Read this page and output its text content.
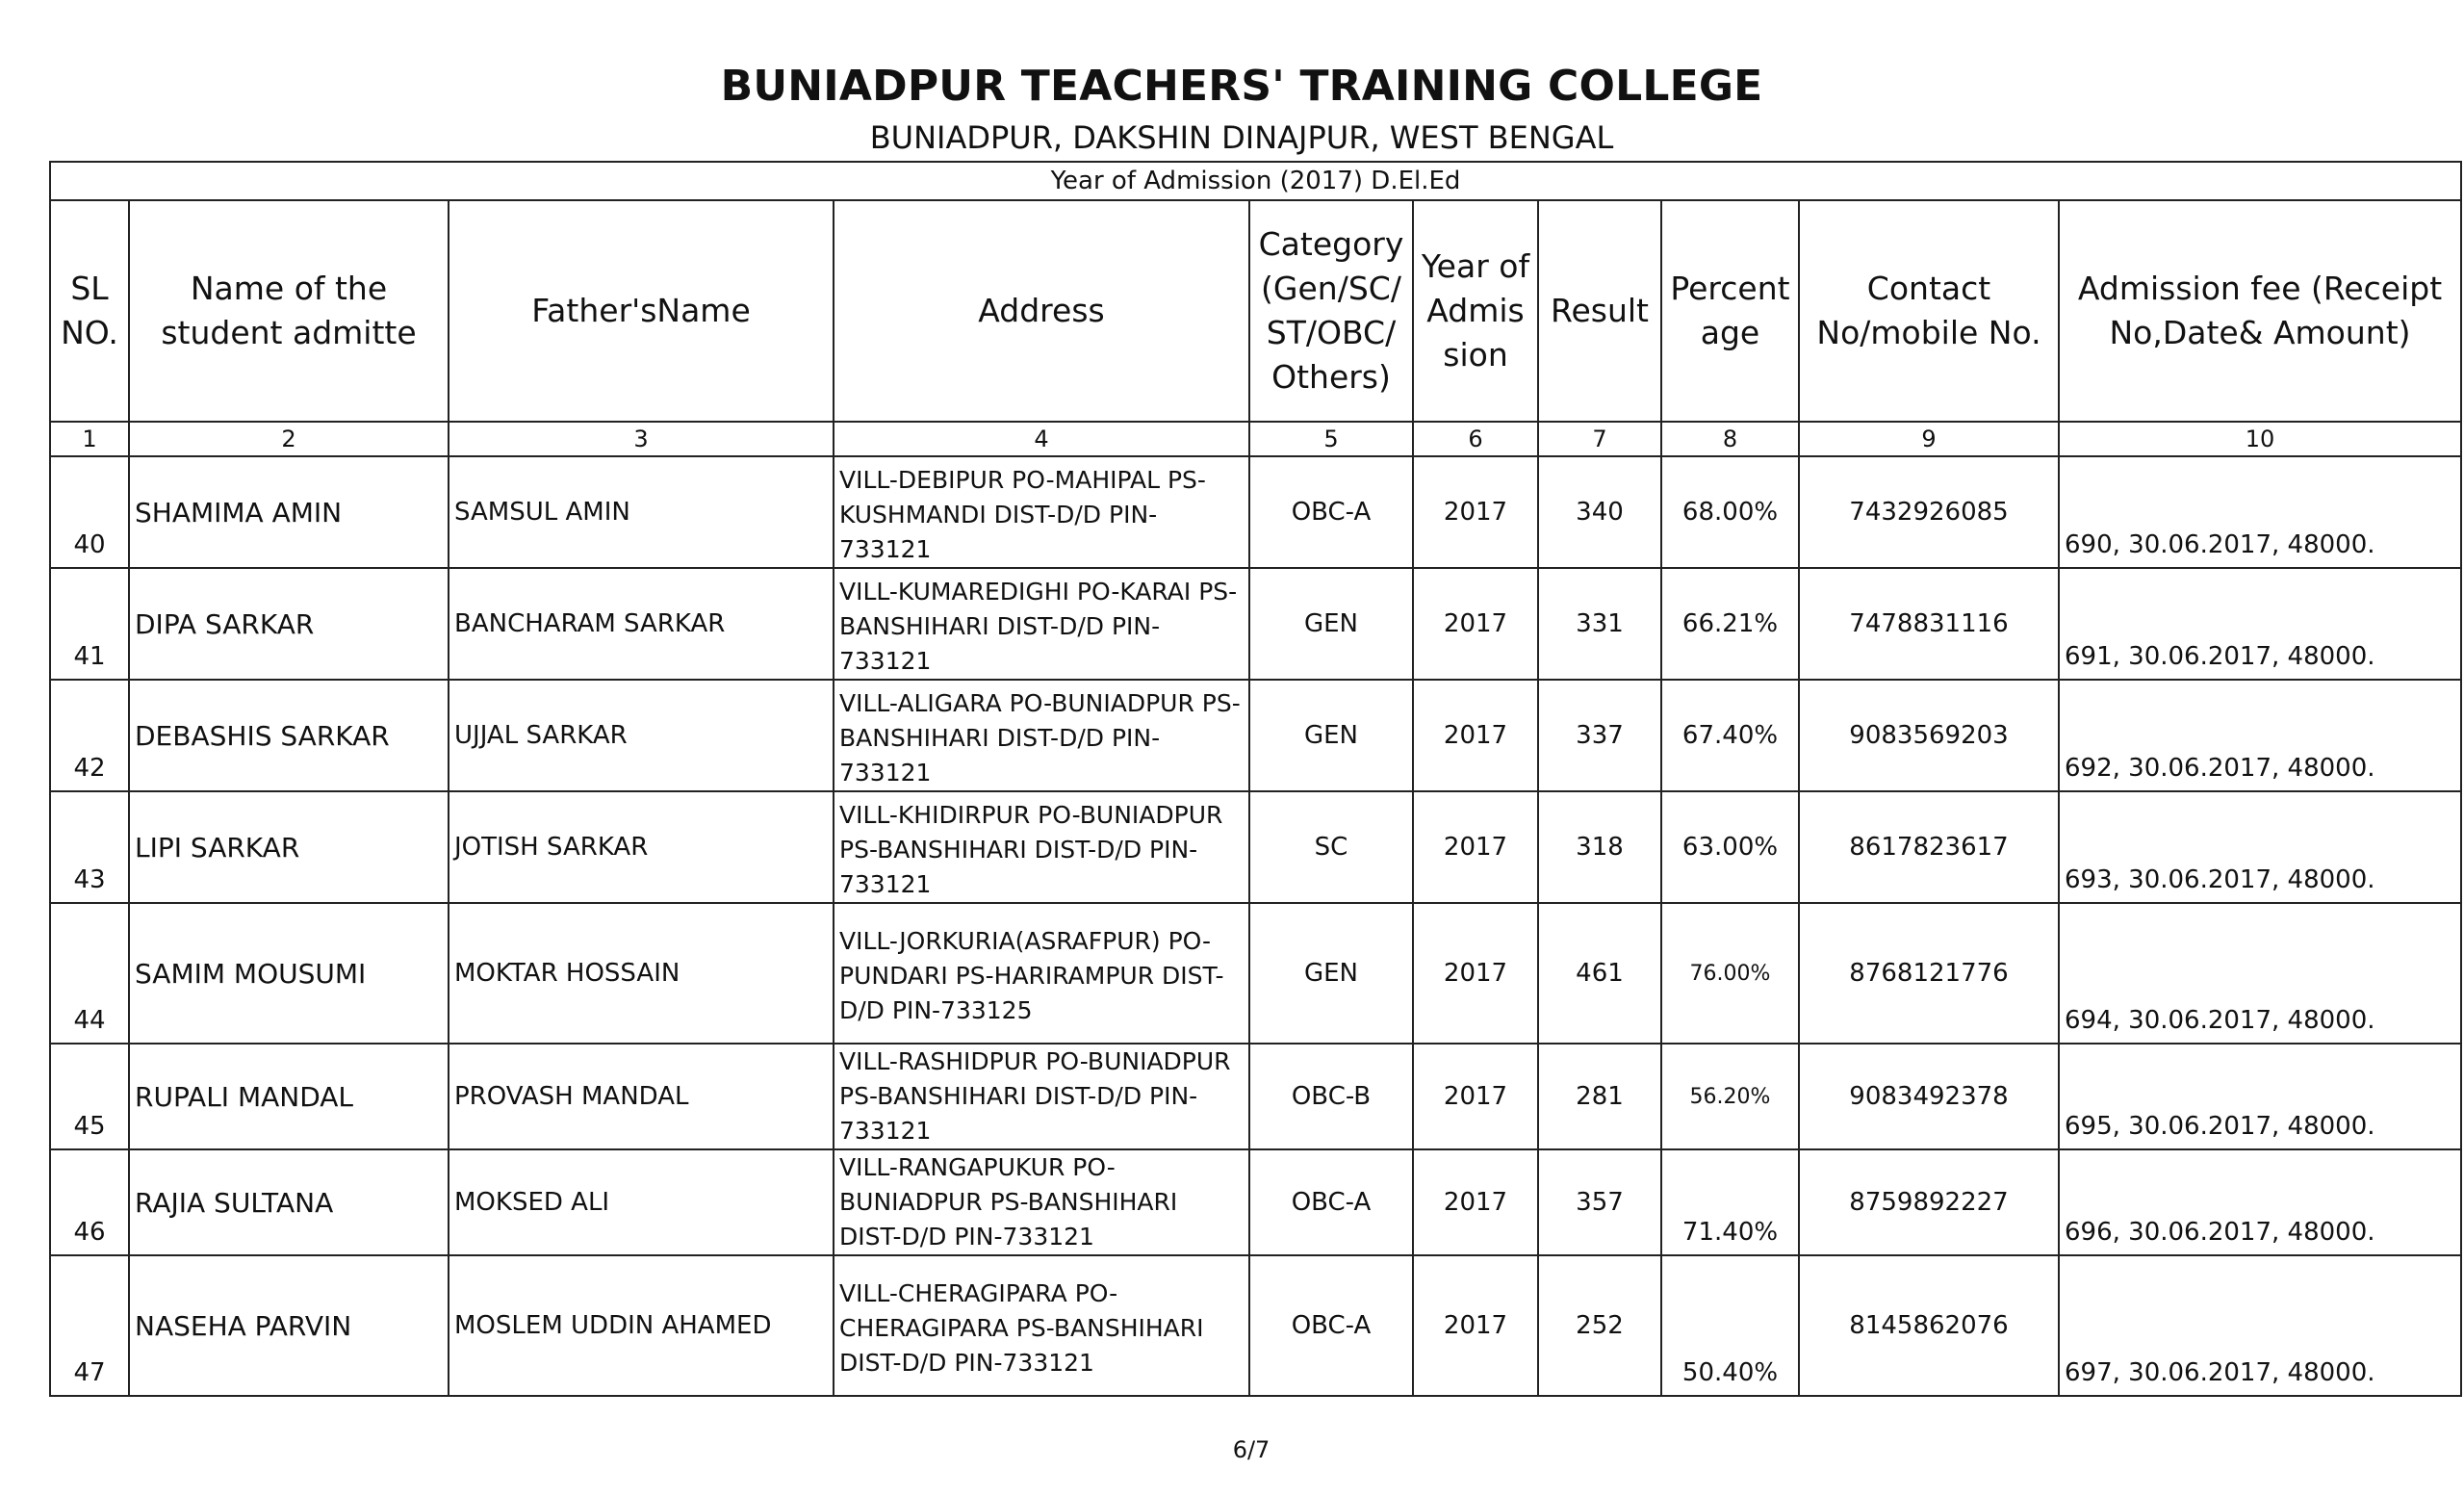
BUNIADPUR TEACHERS' TRAINING COLLEGE
BUNIADPUR, DAKSHIN DINAJPUR, WEST BENGAL
Year of Admission (2017) D.El.Ed									
SL NO.	Name of the student admitte	Father'sName	Address	Category (Gen/SC/ST/OBC/Others)	Year of Admission	Result	Percentage	Contact No/mobile No.	Admission fee (Receipt No,Date& Amount)
1	2	3	4	5	6	7	8	9	10
40	SHAMIMA AMIN	SAMSUL AMIN	VILL-DEBIPUR PO-MAHIPAL PS-KUSHMANDI DIST-D/D PIN-733121	OBC-A	2017	340	68.00%	7432926085	690, 30.06.2017, 48000.
41	DIPA SARKAR	BANCHARAM SARKAR	VILL-KUMAREDIGHI PO-KARAI PS-BANSHIHARI DIST-D/D PIN-733121	GEN	2017	331	66.21%	7478831116	691, 30.06.2017, 48000.
42	DEBASHIS SARKAR	UJJAL SARKAR	VILL-ALIGARA PO-BUNIADPUR PS-BANSHIHARI DIST-D/D PIN-733121	GEN	2017	337	67.40%	9083569203	692, 30.06.2017, 48000.
43	LIPI SARKAR	JOTISH SARKAR	VILL-KHIDIRPUR PO-BUNIADPUR PS-BANSHIHARI DIST-D/D PIN-733121	SC	2017	318	63.00%	8617823617	693, 30.06.2017, 48000.
44	SAMIM MOUSUMI	MOKTAR HOSSAIN	VILL-JORKURIA(ASRAFPUR) PO-PUNDARI PS-HARIRAMPUR DIST-D/D PIN-733125	GEN	2017	461	76.00%	8768121776	694, 30.06.2017, 48000.
45	RUPALI MANDAL	PROVASH MANDAL	VILL-RASHIDPUR PO-BUNIADPUR PS-BANSHIHARI DIST-D/D PIN-733121	OBC-B	2017	281	56.20%	9083492378	695, 30.06.2017, 48000.
46	RAJIA SULTANA	MOKSED ALI	VILL-RANGAPUKUR PO-BUNIADPUR PS-BANSHIHARI DIST-D/D PIN-733121	OBC-A	2017	357	71.40%	8759892227	696, 30.06.2017, 48000.
47	NASEHA PARVIN	MOSLEM UDDIN AHAMED	VILL-CHERAGIPARA PO-CHERAGIPARA PS-BANSHIHARI DIST-D/D PIN-733121	OBC-A	2017	252	50.40%	8145862076	697, 30.06.2017, 48000.
6/7
